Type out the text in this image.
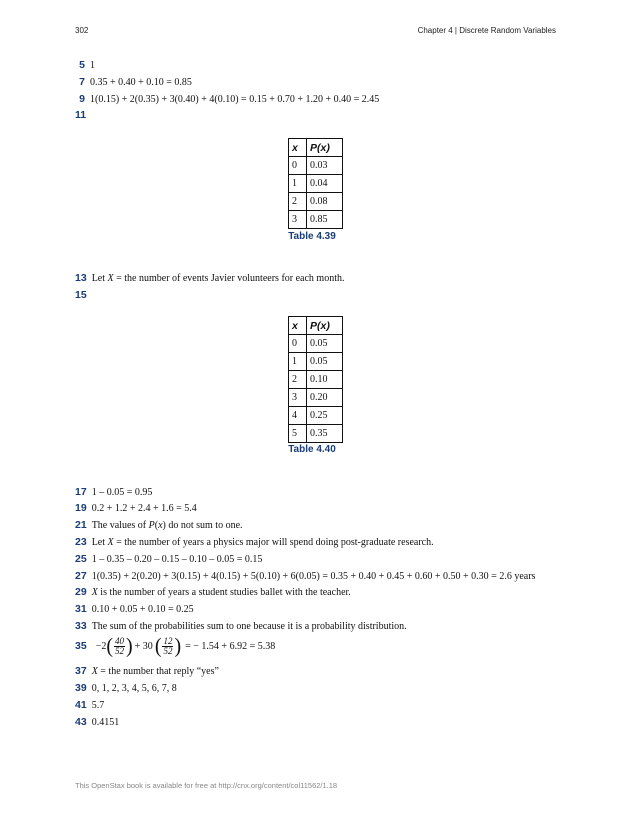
302	Chapter 4 | Discrete Random Variables
5 1
7 0.35 + 0.40 + 0.10 = 0.85
9 1(0.15) + 2(0.35) + 3(0.40) + 4(0.10) = 0.15 + 0.70 + 1.20 + 0.40 = 2.45
11
x	P(x)
0	0.03
1	0.04
2	0.08
3	0.85
Table 4.39
13 Let X = the number of events Javier volunteers for each month.
15
x	P(x)
0	0.05
1	0.05
2	0.10
3	0.20
4	0.25
5	0.35
Table 4.40
17 1 – 0.05 = 0.95
19 0.2 + 1.2 + 2.4 + 1.6 = 5.4
21 The values of P(x) do not sum to one.
23 Let X = the number of years a physics major will spend doing post-graduate research.
25 1 – 0.35 – 0.20 – 0.15 – 0.10 – 0.05 = 0.15
27 1(0.35) + 2(0.20) + 3(0.15) + 4(0.15) + 5(0.10) + 6(0.05) = 0.35 + 0.40 + 0.45 + 0.60 + 0.50 + 0.30 = 2.6 years
29 X is the number of years a student studies ballet with the teacher.
31 0.10 + 0.05 + 0.10 = 0.25
33 The sum of the probabilities sum to one because it is a probability distribution.
35 −2 ( $\frac{40}{52}$ ) + 30 ( $\frac{12}{52}$ ) = − 1.54 + 6.92 = 5.38
37 X = the number that reply “yes”
39 0, 1, 2, 3, 4, 5, 6, 7, 8
41 5.7
43 0.4151
This OpenStax book is available for free at http://cnx.org/content/col11562/1.18
